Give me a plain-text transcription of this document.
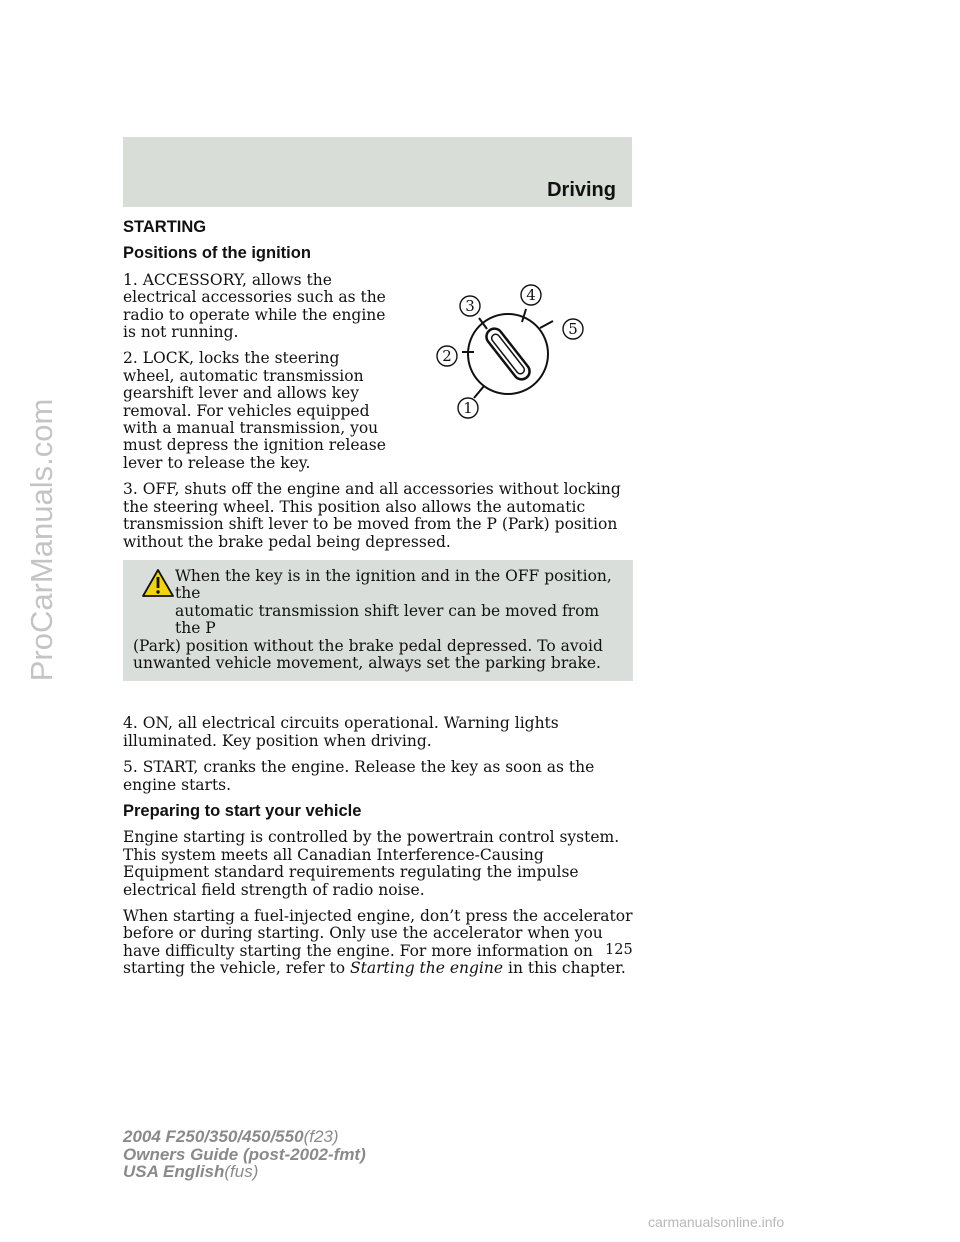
ProCarManuals.com
Driving
1
2
3
4
5
STARTING
Positions of the ignition

1. ACCESSORY, allows the electrical accessories such as the radio to operate while the engine is not running.

2. LOCK, locks the steering wheel, automatic transmission gearshift lever and allows key removal. For vehicles equipped with a manual transmission, you must depress the ignition release lever to release the key.

3. OFF, shuts off the engine and all accessories without locking the steering wheel. This position also allows the automatic transmission shift lever to be moved from the P (Park) position without the brake pedal being depressed.

When the key is in the ignition and in the OFF position, the
automatic transmission shift lever can be moved from the P
(Park) position without the brake pedal depressed. To avoid unwanted vehicle movement, always set the parking brake.

4. ON, all electrical circuits operational. Warning lights illuminated. Key position when driving.

5. START, cranks the engine. Release the key as soon as the engine starts.

Preparing to start your vehicle

Engine starting is controlled by the powertrain control system. This system meets all Canadian Interference-Causing Equipment standard requirements regulating the impulse electrical field strength of radio noise.

When starting a fuel-injected engine, don’t press the accelerator before or during starting. Only use the accelerator when you have difficulty starting the engine. For more information on starting the vehicle, refer to Starting the engine in this chapter.

125
2004 F250/350/450/550(f23)
Owners Guide (post-2002-fmt)
USA English(fus)
carmanualsonline.info
